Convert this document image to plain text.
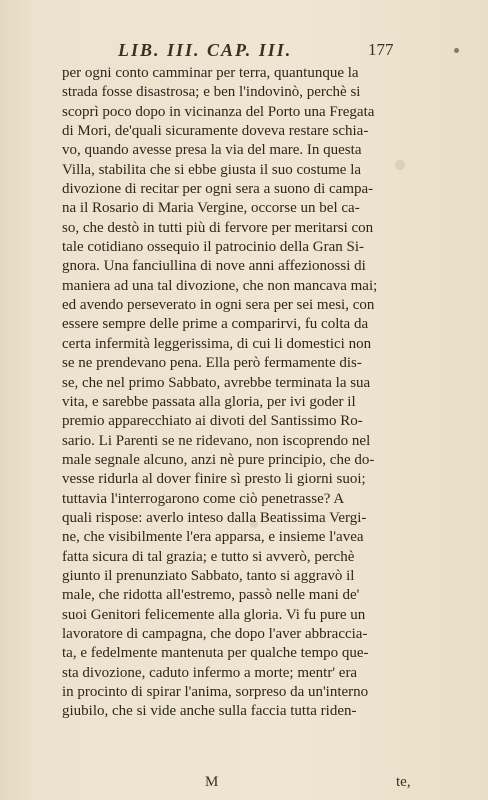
LIB. III. CAP. III.	177
per ogni conto camminar per terra, quantunque la
strada fosse disastrosa; e ben l'indovinò, perchè si
scoprì poco dopo in vicinanza del Porto una Fregata
di Mori, de'quali sicuramente doveva restare schia-
vo, quando avesse presa la via del mare. In questa
Villa, stabilita che si ebbe giusta il suo costume la
divozione di recitar per ogni sera a suono di campa-
na il Rosario di Maria Vergine, occorse un bel ca-
so, che destò in tutti più di fervore per meritarsi con
tale cotidiano ossequio il patrocinio della Gran Si-
gnora. Una fanciullina di nove anni affezionossi di
maniera ad una tal divozione, che non mancava mai;
ed avendo perseverato in ogni sera per sei mesi, con
essere sempre delle prime a comparirvi, fu colta da
certa infermità leggerissima, di cui li domestici non
se ne prendevano pena. Ella però fermamente dis-
se, che nel primo Sabbato, avrebbe terminata la sua
vita, e sarebbe passata alla gloria, per ivi goder il
premio apparecchiato ai divoti del Santissimo Ro-
sario. Li Parenti se ne ridevano, non iscoprendo nel
male segnale alcuno, anzi nè pure principio, che do-
vesse ridurla al dover finire sì presto li giorni suoi;
tuttavia l'interrogarono come ciò penetrasse? A
quali rispose: averlo inteso dalla Beatissima Vergi-
ne, che visibilmente l'era apparsa, e insieme l'avea
fatta sicura di tal grazia; e tutto si avverò, perchè
giunto il prenunziato Sabbato, tanto si aggravò il
male, che ridotta all'estremo, passò nelle mani de'
suoi Genitori felicemente alla gloria. Vi fu pure un
lavoratore di campagna, che dopo l'aver abbraccia-
ta, e fedelmente mantenuta per qualche tempo que-
sta divozione, caduto infermo a morte; mentr' era
in procinto di spirar l'anima, sorpreso da un'interno
giubilo, che si vide anche sulla faccia tutta riden-
M	te,
